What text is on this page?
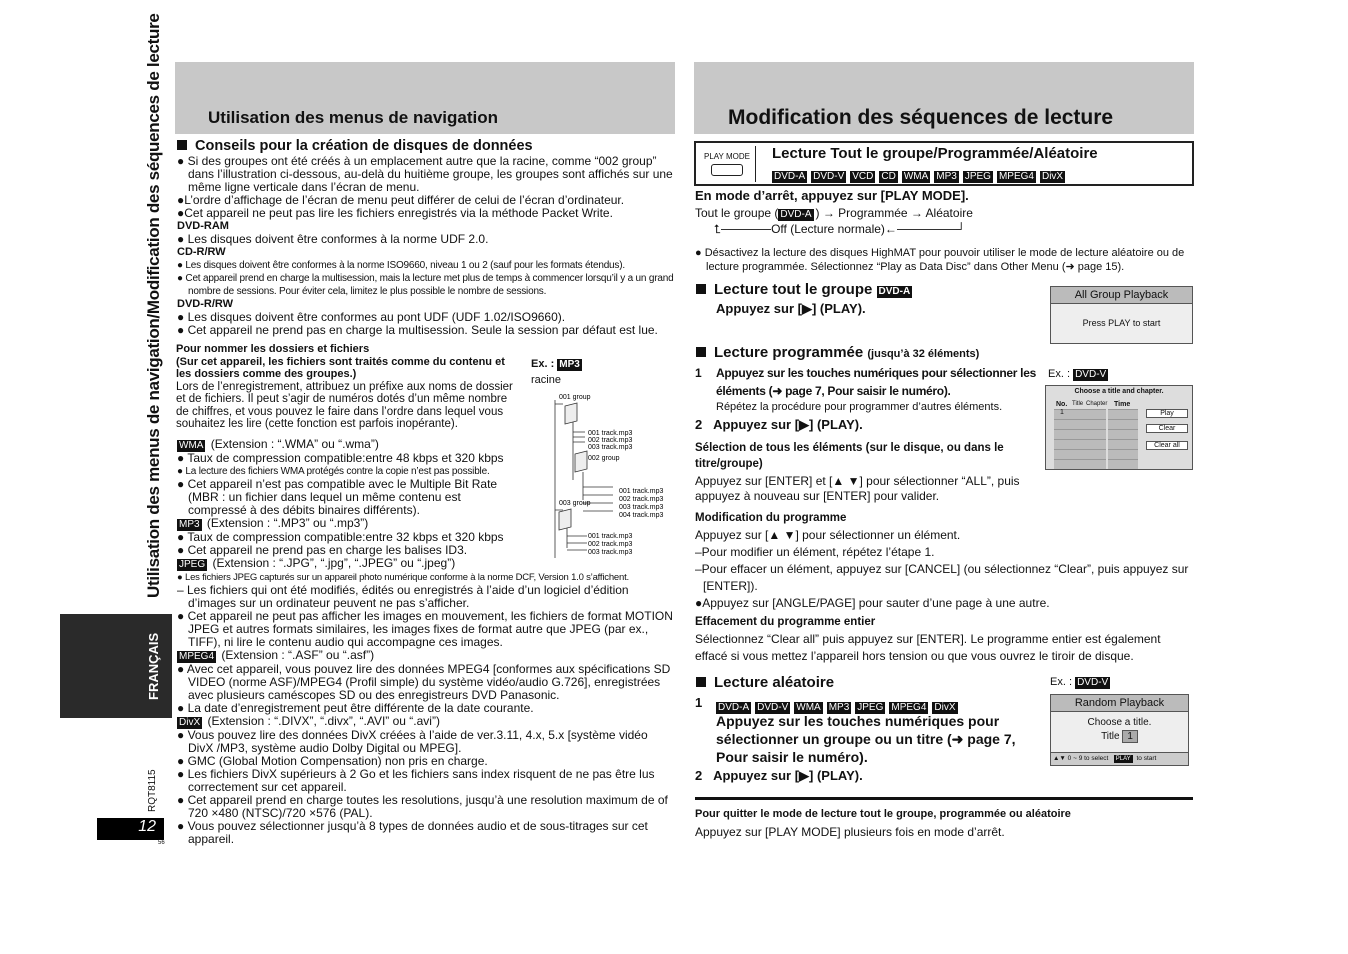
Utilisation des menus de navigation	Modification des séquences de lecture
Utilisation des menus de navigation/Modification des séquences de lecture
FRANÇAIS
RQT8115
12
56
Conseils pour la création de disques de données
● Si des groupes ont été créés à un emplacement autre que la racine, comme “002 group” dans l’illustration ci-dessous, au-delà du huitième groupe, les groupes sont affichés sur une même ligne verticale dans l’écran de menu.
●L’ordre d’affichage de l’écran de menu peut différer de celui de l’écran d’ordinateur.
●Cet appareil ne peut pas lire les fichiers enregistrés via la méthode Packet Write.
DVD-RAM
● Les disques doivent être conformes à la norme UDF 2.0.
CD-R/RW
● Les disques doivent être conformes à la norme ISO9660, niveau 1 ou 2 (sauf pour les formats étendus).
● Cet appareil prend en charge la multisession, mais la lecture met plus de temps à commencer lorsqu’il y a un grand nombre de sessions. Pour éviter cela, limitez le plus possible le nombre de sessions.
DVD-R/RW
● Les disques doivent être conformes au pont UDF (UDF 1.02/ISO9660).
● Cet appareil ne prend pas en charge la multisession. Seule la session par défaut est lue.
Pour nommer les dossiers et fichiers
(Sur cet appareil, les fichiers sont traités comme du contenu et les dossiers comme des groupes.)
Lors de l’enregistrement, attribuez un préfixe aux noms de dossier et de fichiers. Il peut s’agir de numéros dotés d’un même nombre de chiffres, et vous pouvez le faire dans l’ordre dans lequel vous souhaitez les lire (cette fonction est parfois inopérante).
Ex. : MP3
racine
001 group
001 track.mp3
002 track.mp3
003 track.mp3
002 group
001 track.mp3
002 track.mp3
003 track.mp3
004 track.mp3
003 group
001 track.mp3
002 track.mp3
003 track.mp3
WMA (Extension : “.WMA” ou “.wma”)
● Taux de compression compatible:entre 48 kbps et 320 kbps
● La lecture des fichiers WMA protégés contre la copie n’est pas possible.
● Cet appareil n’est pas compatible avec le Multiple Bit Rate (MBR : un fichier dans lequel un même contenu est compressé à des débits binaires différents).
MP3 (Extension : “.MP3” ou “.mp3”)
● Taux de compression compatible:entre 32 kbps et 320 kbps
● Cet appareil ne prend pas en charge les balises ID3.
JPEG (Extension : “.JPG”, “.jpg”, “.JPEG” ou “.jpeg”)
● Les fichiers JPEG capturés sur un appareil photo numérique conforme à la norme DCF, Version 1.0 s’affichent.
– Les fichiers qui ont été modifiés, édités ou enregistrés à l’aide d’un logiciel d’édition d’images sur un ordinateur peuvent ne pas s’afficher.
● Cet appareil ne peut pas afficher les images en mouvement, les fichiers de format MOTION JPEG et autres formats similaires, les images fixes de format autre que JPEG (par ex., TIFF), ni lire le contenu audio qui accompagne ces images.
MPEG4 (Extension : “.ASF” ou “.asf”)
● Avec cet appareil, vous pouvez lire des données MPEG4 [conformes aux spécifications SD VIDEO (norme ASF)/MPEG4 (Profil simple) du système vidéo/audio G.726], enregistrées avec plusieurs caméscopes SD ou des enregistreurs DVD Panasonic.
● La date d’enregistrement peut être différente de la date courante.
DivX (Extension : “.DIVX”, “.divx”, “.AVI” ou “.avi”)
● Vous pouvez lire des données DivX créées à l’aide de ver.3.11, 4.x, 5.x [système vidéo DivX /MP3, système audio Dolby Digital ou MPEG].
● GMC (Global Motion Compensation) non pris en charge.
● Les fichiers DivX supérieurs à 2 Go et les fichiers sans index risquent de ne pas être lus correctement sur cet appareil.
● Cet appareil prend en charge toutes les resolutions, jusqu’à une resolution maximum de of 720 ×480 (NTSC)/720 ×576 (PAL).
● Vous pouvez sélectionner jusqu’à 8 types de données audio et de sous-titrages sur cet appareil.
PLAY MODE	Lecture Tout le groupe/Programmée/Aléatoire
DVD-A DVD-V VCD CD WMA MP3 JPEG MPEG4 DivX
En mode d’arrêt, appuyez sur [PLAY MODE].
Tout le groupe ( DVD-A ) → Programmée → Aléatoire
⮤	Off (Lecture normale)←	┘
● Désactivez la lecture des disques HighMAT pour pouvoir utiliser le mode de lecture aléatoire ou de lecture programmée. Sélectionnez “Play as Data Disc” dans Other Menu (➜ page 15).
Lecture tout le groupe DVD-A
Appuyez sur [▶] (PLAY).
All Group Playback
Press PLAY to start
Lecture programmée (jusqu’à 32 éléments)
1 Appuyez sur les touches numériques pour sélectionner les éléments (➜ page 7, Pour saisir le numéro).
Répétez la procédure pour programmer d’autres éléments.
2 Appuyez sur [▶] (PLAY).
Ex. : DVD-V
Choose a title and chapter.
No. Title Chapter Time
1	Play
Clear
Clear all
Sélection de tous les éléments (sur le disque, ou dans le titre/groupe)
Appuyez sur [ENTER] et [▲ ▼] pour sélectionner “ALL”, puis appuyez à nouveau sur [ENTER] pour valider.
Modification du programme
Appuyez sur [▲ ▼] pour sélectionner un élément.
–Pour modifier un élément, répétez l’étape 1.
–Pour effacer un élément, appuyez sur [CANCEL] (ou sélectionnez “Clear”, puis appuyez sur [ENTER]).
●Appuyez sur [ANGLE/PAGE] pour sauter d’une page à une autre.
Effacement du programme entier
Sélectionnez “Clear all” puis appuyez sur [ENTER]. Le programme entier est également effacé si vous mettez l’appareil hors tension ou que vous ouvrez le tiroir de disque.
Lecture aléatoire
1 DVD-A DVD-V WMA MP3 JPEG MPEG4 DivX
Appuyez sur les touches numériques pour sélectionner un groupe ou un titre (➜ page 7, Pour saisir le numéro).
2 Appuyez sur [▶] (PLAY).
Ex. : DVD-V
Random Playback
Choose a title.
Title 1
▲▼ 0 ~ 9 to select PLAY to start
Pour quitter le mode de lecture tout le groupe, programmée ou aléatoire
Appuyez sur [PLAY MODE] plusieurs fois en mode d’arrêt.
